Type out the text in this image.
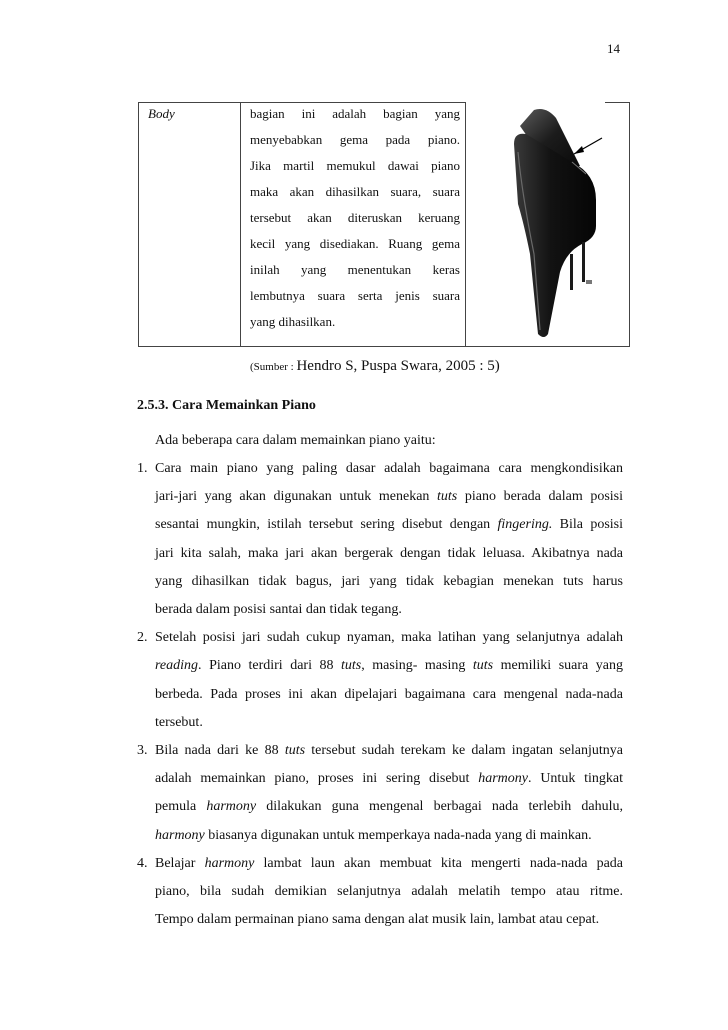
14
Body	bagian ini adalah bagian yang
menyebabkan gema pada piano.
Jika martil memukul dawai piano
maka akan dihasilkan suara, suara
tersebut akan diteruskan keruang
kecil yang disediakan. Ruang gema
inilah yang menentukan keras
lembutnya suara serta jenis suara
yang dihasilkan.
(Sumber : Hendro S, Puspa Swara, 2005 : 5)
2.5.3. Cara Memainkan Piano
Ada beberapa cara dalam memainkan piano yaitu:
1. Cara main piano yang paling dasar adalah bagaimana cara mengkondisikan
jari-jari yang akan digunakan untuk menekan tuts piano berada dalam posisi
sesantai mungkin, istilah tersebut sering disebut dengan fingering. Bila posisi
jari kita salah, maka jari akan bergerak dengan tidak leluasa. Akibatnya nada
yang dihasilkan tidak bagus, jari yang tidak kebagian menekan tuts harus
berada dalam posisi santai dan tidak tegang.
2. Setelah posisi jari sudah cukup nyaman, maka latihan yang selanjutnya adalah
reading. Piano terdiri dari 88 tuts, masing- masing tuts memiliki suara yang
berbeda. Pada proses ini akan dipelajari bagaimana cara mengenal nada-nada
tersebut.
3. Bila nada dari ke 88 tuts tersebut sudah terekam ke dalam ingatan selanjutnya
adalah memainkan piano, proses ini sering disebut harmony. Untuk tingkat
pemula harmony dilakukan guna mengenal berbagai nada terlebih dahulu,
harmony biasanya digunakan untuk memperkaya nada-nada yang di mainkan.
4. Belajar harmony lambat laun akan membuat kita mengerti nada-nada pada
piano, bila sudah demikian selanjutnya adalah melatih tempo atau ritme.
Tempo dalam permainan piano sama dengan alat musik lain, lambat atau cepat.
